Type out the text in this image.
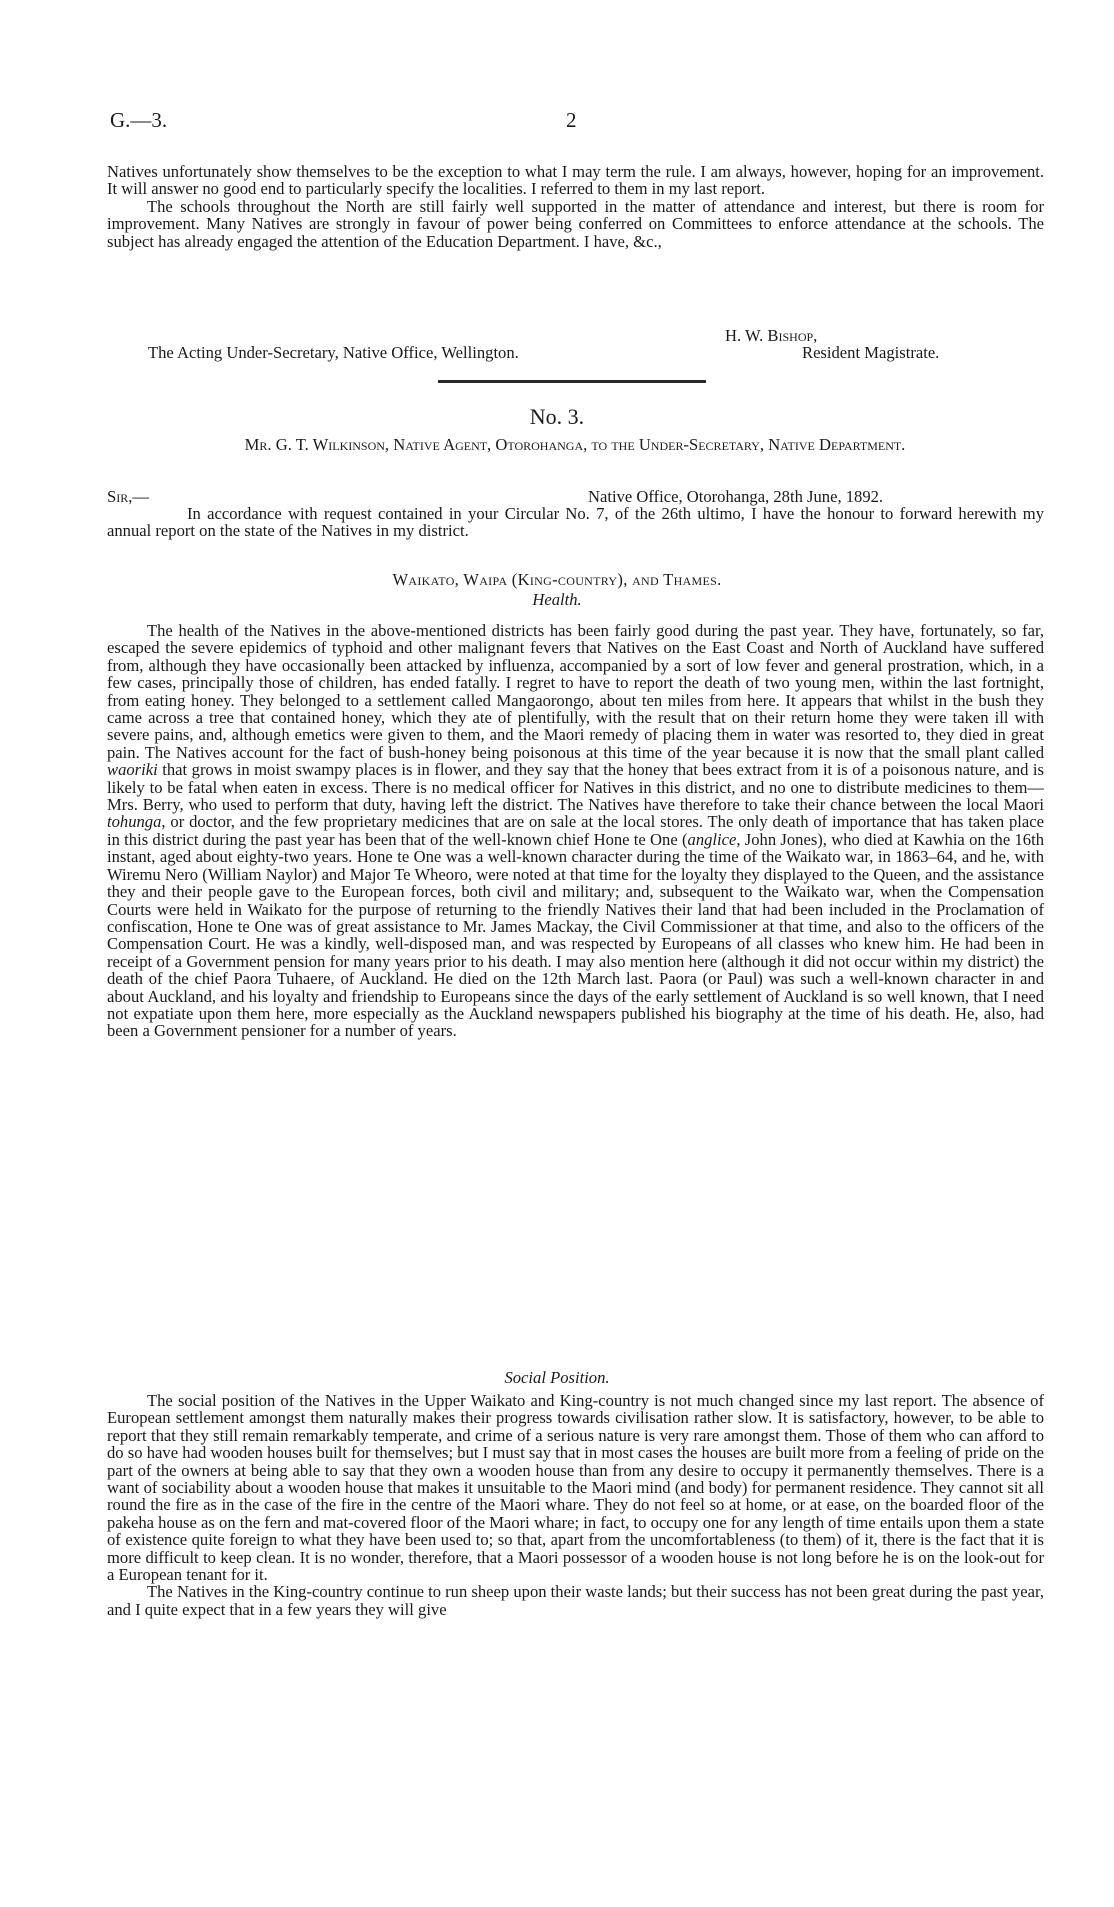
G.—3.	2

Natives unfortunately show themselves to be the exception to what I may term the rule. I am always, however, hoping for an improvement. It will answer no good end to particularly specify the localities. I referred to them in my last report.

The schools throughout the North are still fairly well supported in the matter of attendance and interest, but there is room for improvement. Many Natives are strongly in favour of power being conferred on Committees to enforce attendance at the schools. The subject has already engaged the attention of the Education Department. I have, &c.,

H. W. Bishop,
The Acting Under-Secretary, Native Office, Wellington.	Resident Magistrate.
No. 3.
Mr. G. T. Wilkinson, Native Agent, Otorohanga, to the Under-Secretary, Native Department.
Sir,—	Native Office, Otorohanga, 28th June, 1892.

In accordance with request contained in your Circular No. 7, of the 26th ultimo, I have the honour to forward herewith my annual report on the state of the Natives in my district.

Waikato, Waipa (King-country), and Thames.
Health.

The health of the Natives in the above-mentioned districts has been fairly good during the past year. They have, fortunately, so far, escaped the severe epidemics of typhoid and other malignant fevers that Natives on the East Coast and North of Auckland have suffered from, although they have occasionally been attacked by influenza, accompanied by a sort of low fever and general prostration, which, in a few cases, principally those of children, has ended fatally. I regret to have to report the death of two young men, within the last fortnight, from eating honey. They belonged to a settlement called Mangaorongo, about ten miles from here. It appears that whilst in the bush they came across a tree that contained honey, which they ate of plentifully, with the result that on their return home they were taken ill with severe pains, and, although emetics were given to them, and the Maori remedy of placing them in water was resorted to, they died in great pain. The Natives account for the fact of bush-honey being poisonous at this time of the year because it is now that the small plant called waoriki that grows in moist swampy places is in flower, and they say that the honey that bees extract from it is of a poisonous nature, and is likely to be fatal when eaten in excess. There is no medical officer for Natives in this district, and no one to distribute medicines to them—Mrs. Berry, who used to perform that duty, having left the district. The Natives have therefore to take their chance between the local Maori tohunga, or doctor, and the few proprietary medicines that are on sale at the local stores. The only death of importance that has taken place in this district during the past year has been that of the well-known chief Hone te One (anglice, John Jones), who died at Kawhia on the 16th instant, aged about eighty-two years. Hone te One was a well-known character during the time of the Waikato war, in 1863–64, and he, with Wiremu Nero (William Naylor) and Major Te Wheoro, were noted at that time for the loyalty they displayed to the Queen, and the assistance they and their people gave to the European forces, both civil and military; and, subsequent to the Waikato war, when the Compensation Courts were held in Waikato for the purpose of returning to the friendly Natives their land that had been included in the Proclamation of confiscation, Hone te One was of great assistance to Mr. James Mackay, the Civil Commissioner at that time, and also to the officers of the Compensation Court. He was a kindly, well-disposed man, and was respected by Europeans of all classes who knew him. He had been in receipt of a Government pension for many years prior to his death. I may also mention here (although it did not occur within my district) the death of the chief Paora Tuhaere, of Auckland. He died on the 12th March last. Paora (or Paul) was such a well-known character in and about Auckland, and his loyalty and friendship to Europeans since the days of the early settlement of Auckland is so well known, that I need not expatiate upon them here, more especially as the Auckland newspapers published his biography at the time of his death. He, also, had been a Government pensioner for a number of years.

Social Position.

The social position of the Natives in the Upper Waikato and King-country is not much changed since my last report. The absence of European settlement amongst them naturally makes their progress towards civilisation rather slow. It is satisfactory, however, to be able to report that they still remain remarkably temperate, and crime of a serious nature is very rare amongst them. Those of them who can afford to do so have had wooden houses built for themselves; but I must say that in most cases the houses are built more from a feeling of pride on the part of the owners at being able to say that they own a wooden house than from any desire to occupy it permanently themselves. There is a want of sociability about a wooden house that makes it unsuitable to the Maori mind (and body) for permanent residence. They cannot sit all round the fire as in the case of the fire in the centre of the Maori whare. They do not feel so at home, or at ease, on the boarded floor of the pakeha house as on the fern and mat-covered floor of the Maori whare; in fact, to occupy one for any length of time entails upon them a state of existence quite foreign to what they have been used to; so that, apart from the uncomfortableness (to them) of it, there is the fact that it is more difficult to keep clean. It is no wonder, therefore, that a Maori possessor of a wooden house is not long before he is on the look-out for a European tenant for it.

The Natives in the King-country continue to run sheep upon their waste lands; but their success has not been great during the past year, and I quite expect that in a few years they will give
